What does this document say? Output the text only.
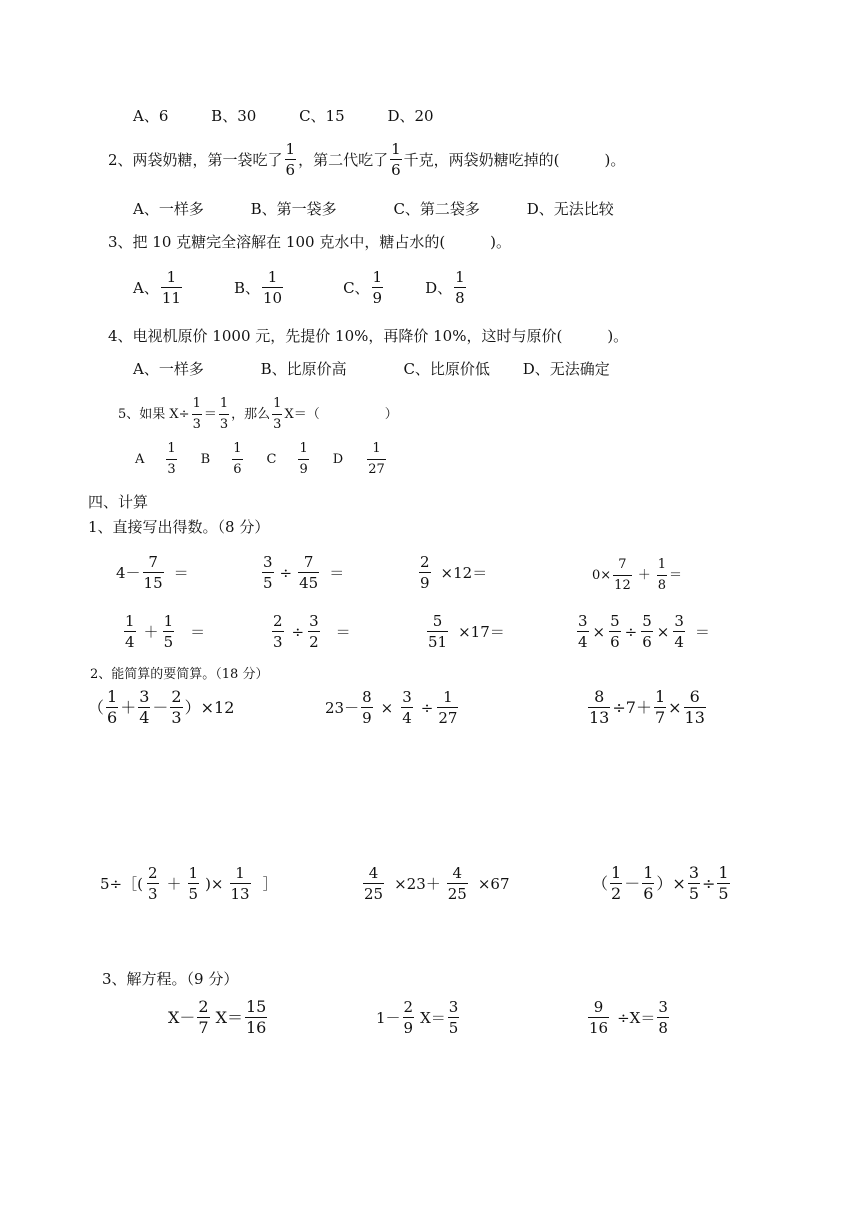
A、6	B、30	C、15	D、20
2、两袋奶糖，第一袋吃了 $\frac{1}{6}$ ，第二代吃了 $\frac{1}{6}$ 千克，两袋奶糖吃掉的(　　　)。
A、一样多	B、第一袋多	C、第二袋多	D、无法比较
3、把 10 克糖完全溶解在 100 克水中，糖占水的(　　　)。
A、 $\frac{1}{11}$	B、 $\frac{1}{10}$	C、 $\frac{1}{9}$	D、 $\frac{1}{8}$
4、电视机原价 1000 元，先提价 10%，再降价 10%，这时与原价(　　　)。
A、一样多	B、比原价高	C、比原价低 D、无法确定
5、如果 $X\div \frac{1}{3} = \frac{1}{3}$ ，那么 $\frac{1}{3} X=$（　　　　　）
A $\frac{1}{3}$ B $\frac{1}{6}$ C $\frac{1}{9}$ D $\frac{1}{27}$
四、计算
1、直接写出得数。（8 分）
$4- \frac{7}{15}$ ＝	$\frac{3}{5} \div \frac{7}{45}$ ＝	$\frac{2}{9} \times 12=$	$0\times \frac{7}{12} + \frac{1}{8}$ ＝
$\frac{1}{4} + \frac{1}{5}$ ＝	$\frac{2}{3} \div \frac{3}{2}$ ＝	$\frac{5}{51} \times 17=$	$\frac{3}{4} \times \frac{5}{6} \div \frac{5}{6} \times \frac{3}{4}$ ＝
2、能简算的要简算。（18 分）
（ $\frac{1}{6} + \frac{3}{4} - \frac{2}{3} )\times 12$	$23- \frac{8}{9} \times \frac{3}{4} \div \frac{1}{27}$	$\frac{8}{13} \div 7+ \frac{1}{7} \times \frac{6}{13}$
5÷［( $\frac{2}{3} + \frac{1}{5}$ )× $\frac{1}{13}$ ］	$\frac{4}{25} \times 23+ \frac{4}{25} \times 67$	（ $\frac{1}{2} - \frac{1}{6}$ ）× $\frac{3}{5} \div \frac{1}{5}$
3、解方程。（9 分）
$X- \frac{2}{7} X= \frac{15}{16}$	$1- \frac{2}{9} X= \frac{3}{5}$	$\frac{9}{16} \div X= \frac{3}{8}$
